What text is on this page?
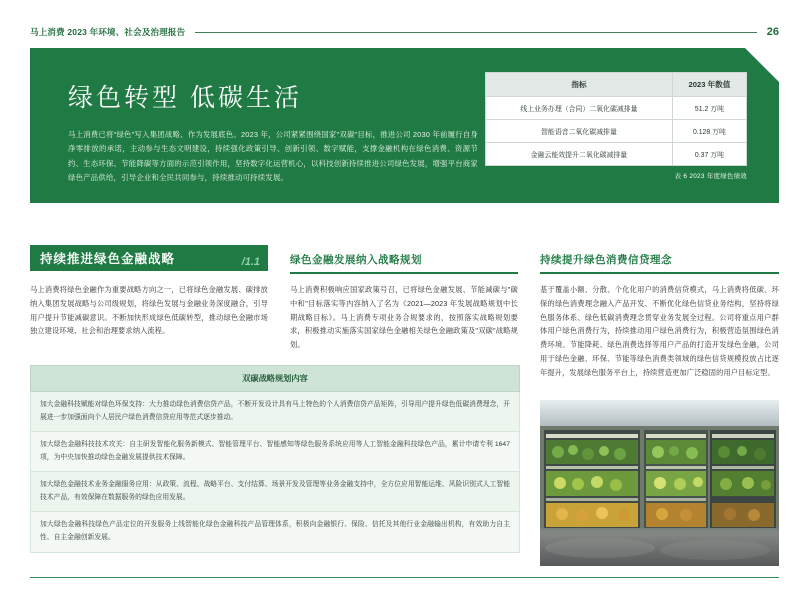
马上消费 2023 年环境、社会及治理报告	26
绿色转型 低碳生活

马上消费已将"绿色"写入集团战略、作为发展底色。2023 年，公司紧紧围绕国家"双碳"目标，推进公司 2030 年前履行自身净零排放的承诺，主动参与生态文明建设，持续强化政策引导、创新引领、数字赋能，支撑金融机构在绿色消费、资源节约、生态环保、节能降碳等方面的示范引领作用，坚持数字化运营机心，以科技创新持续推进公司绿色发展，增强平台商家绿色产品供给，引导企业和全民共同参与，持续推动可持续发展。

指标	2023 年数值
线上业务办理（合同）二氧化碳减排量	51.2 万吨
智能语音二氧化碳减排量	0.128 万吨
金融云能效提升二氧化碳减排量	0.37 万吨
表 6 2023 年度绿色绩效
持续推进绿色金融战略	/1.1
马上消费将绿色金融作为重要战略方向之一，已将绿色金融发展、碳排放纳入集团发展战略与公司级规划，将绿色发展与金融业务深度融合，引导用户提升节能减碳意识。不断加快形成绿色低碳转型，推动绿色金融市场独立建设环境、社会和治理要求纳入流程。
绿色金融发展纳入战略规划
马上消费积极响应国家政策号召，已将绿色金融发展、节能减碳与"碳中和"目标落实等内容纳入了名为《2021—2023 年发展战略规划中长期战略目标》。马上消费专项业务合规要求的，按照落实战略规划要求，积极推动实施落实国家绿色金融相关绿色金融政策及"双碳"战略规划。
持续提升绿色消费信贷理念
基于覆盖小额、分散、个化化用户的消费信贷模式，马上消费将低碳、环保的绿色消费理念融入产品开发、不断优化绿色信贷业务结构，坚持将绿色服务体系、绿色低碳消费理念贯穿业务发展全过程。公司将重点用户群体用户绿色消费行为，持续推动用户绿色消费行为，积极营造氛围绿色消费环境、节能降耗、绿色消费选择等用户产品的打造开发绿色金融，公司用于绿色金融、环保、节能等绿色消费类领域的绿色信贷规模投放占比逐年提升，发展绿色服务平台上，持续营造更加广泛稳固的用户目标定型。
双碳战略规划内容
加大金融科技赋能对绿色环保支持：大力推动绿色消费信贷产品，不断开发设计具有马上特色的个人消费信贷产品矩阵，引导用户提升绿色低碳消费理念，开展进一步加强面向个人居民户绿色消费信贷应用等范式逐步推动。
加大绿色金融科技技术攻关：自主研发智能化服务新模式、智能管理平台、智能感知等绿色服务系统应用等人工智能金融科技绿色产品，累计申请专利 1647 项，为中央加快推动绿色金融发展提供技术保障。
加大绿色金融技术业务金融服务应用：从政策、流程、战略平台、支付结算、场景开发及管理等业务金融支持中，全方位应用智能运维、风险识别式人工智能技术产品，有效保障在数据服务的绿色应用发展。
加大绿色金融科技绿色产品定位的开发服务上线智能化绿色金融科技产品管理体系，积极向金融银行、保险、信托及其他行业金融输出机构，有效助力自主性、自主金融创新发展。
